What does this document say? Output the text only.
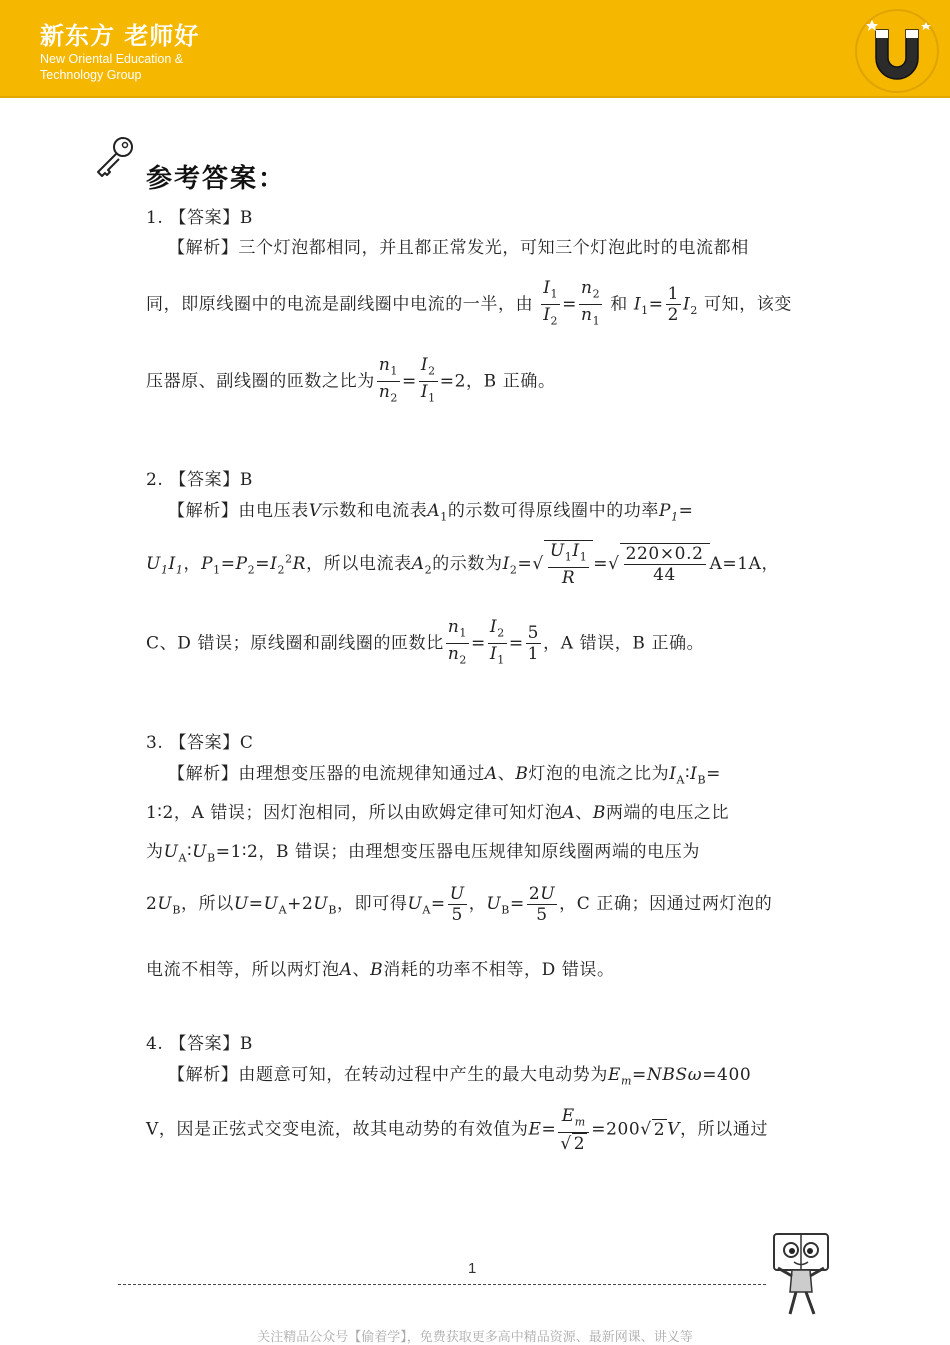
新东方 老师好
New Oriental Education & Technology Group
参考答案：
1. 【答案】B
【解析】三个灯泡都相同，并且都正常发光，可知三个灯泡此时的电流都相
同，即原线圈中的电流是副线圈中电流的一半，由 $\frac{I_1}{I_2} = \frac{n_2}{n_1}$ 和 $I_1= \frac{1}{2} I_2$ 可知，该变
压器原、副线圈的匝数之比为 $\frac{n_1}{n_2} = \frac{I_2}{I_1} =2$，B 正确。
2. 【答案】B
【解析】由电压表V示数和电流表$A_1$的示数可得原线圈中的功率$P_1=$
$U_1I_1$，$P_1=P_2=I_2^2R$，所以电流表$A_2$的示数为$I_2=√ \frac{U_1I_1}{R}$ =√ $\frac{220\times 0.2}{44} A=1A$，
C、D 错误；原线圈和副线圈的匝数比 $\frac{n_1}{n_2} = \frac{I_2}{I_1} = \frac{5}{1}$ ，A 错误，B 正确。
3. 【答案】C
【解析】由理想变压器的电流规律知通过A、B灯泡的电流之比为$I_A∶I_B=$
1∶2，A 错误；因灯泡相同，所以由欧姆定律可知灯泡A、B两端的电压之比
为$U_A∶U_B=1∶2$，B 错误；由理想变压器电压规律知原线圈两端的电压为
$2U_B$，所以$U=U_A+2U_B$，即可得$U_A= \frac{U}{5}$ ，$U_B= \frac{2U}{5}$ ，C 正确；因通过两灯泡的
电流不相等，所以两灯泡A、B消耗的功率不相等，D 错误。
4. 【答案】B
【解析】由题意可知，在转动过程中产生的最大电动势为$E_m=NBS\omega=400$
V，因是正弦式交变电流，故其电动势的有效值为$E= \frac{E_m}{√ 2} =200√$ 2 V，所以通过
1
关注精品公众号【偷着学】，免费获取更多高中精品资源、最新网课、讲义等
